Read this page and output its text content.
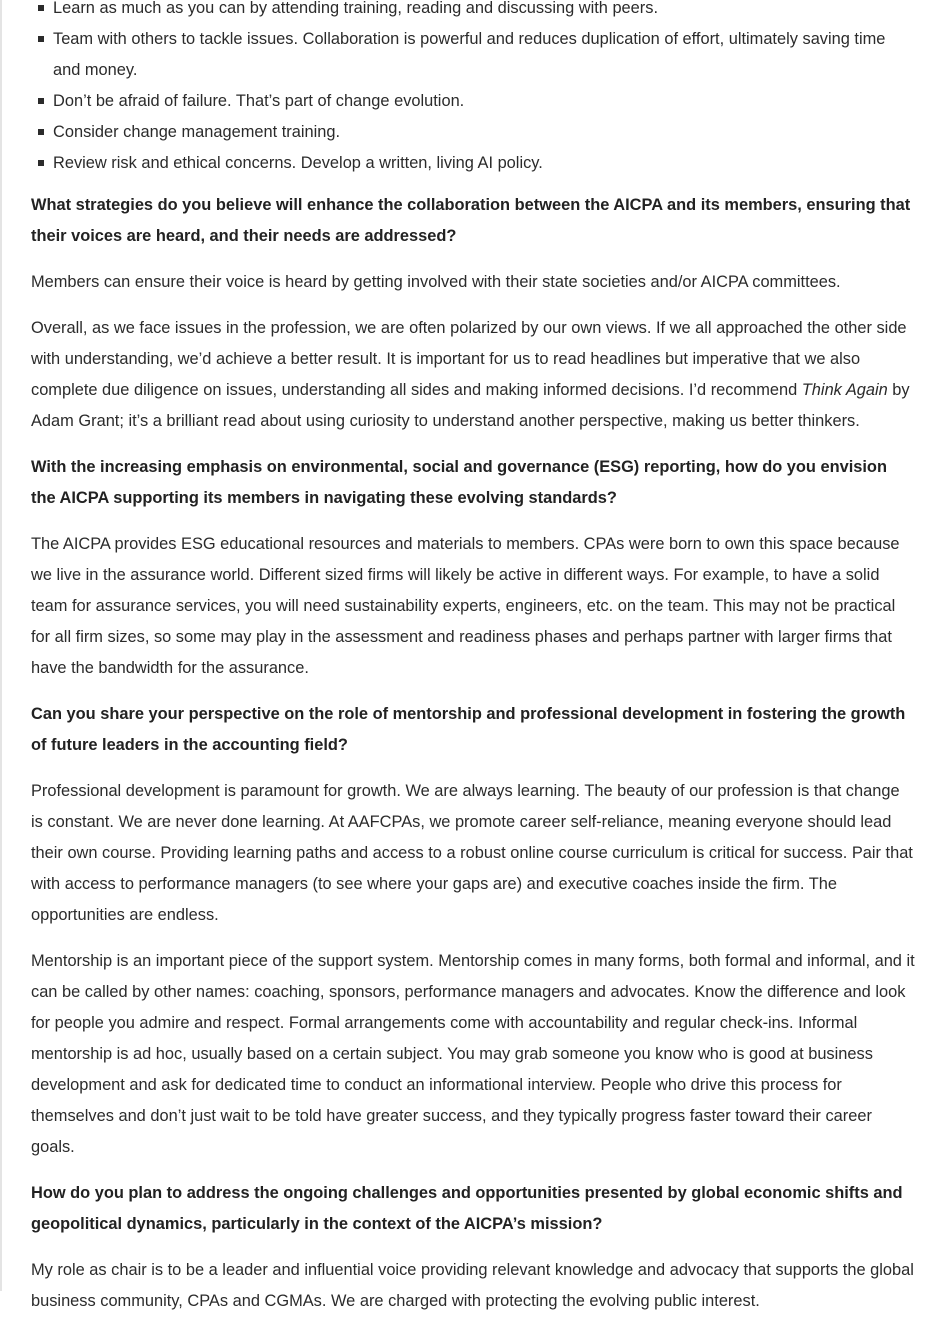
Learn as much as you can by attending training, reading and discussing with peers.
Team with others to tackle issues. Collaboration is powerful and reduces duplication of effort, ultimately saving time and money.
Don’t be afraid of failure. That’s part of change evolution.
Consider change management training.
Review risk and ethical concerns. Develop a written, living AI policy.

What strategies do you believe will enhance the collaboration between the AICPA and its members, ensuring that their voices are heard, and their needs are addressed?

Members can ensure their voice is heard by getting involved with their state societies and/or AICPA committees.

Overall, as we face issues in the profession, we are often polarized by our own views. If we all approached the other side with understanding, we’d achieve a better result. It is important for us to read headlines but imperative that we also complete due diligence on issues, understanding all sides and making informed decisions. I’d recommend Think Again by Adam Grant; it’s a brilliant read about using curiosity to understand another perspective, making us better thinkers.

With the increasing emphasis on environmental, social and governance (ESG) reporting, how do you envision the AICPA supporting its members in navigating these evolving standards?

The AICPA provides ESG educational resources and materials to members. CPAs were born to own this space because we live in the assurance world. Different sized firms will likely be active in different ways. For example, to have a solid team for assurance services, you will need sustainability experts, engineers, etc. on the team. This may not be practical for all firm sizes, so some may play in the assessment and readiness phases and perhaps partner with larger firms that have the bandwidth for the assurance.

Can you share your perspective on the role of mentorship and professional development in fostering the growth of future leaders in the accounting field?

Professional development is paramount for growth. We are always learning. The beauty of our profession is that change is constant. We are never done learning. At AAFCPAs, we promote career self-reliance, meaning everyone should lead their own course. Providing learning paths and access to a robust online course curriculum is critical for success. Pair that with access to performance managers (to see where your gaps are) and executive coaches inside the firm. The opportunities are endless.

Mentorship is an important piece of the support system. Mentorship comes in many forms, both formal and informal, and it can be called by other names: coaching, sponsors, performance managers and advocates. Know the difference and look for people you admire and respect. Formal arrangements come with accountability and regular check-ins. Informal mentorship is ad hoc, usually based on a certain subject. You may grab someone you know who is good at business development and ask for dedicated time to conduct an informational interview. People who drive this process for themselves and don’t just wait to be told have greater success, and they typically progress faster toward their career goals.

How do you plan to address the ongoing challenges and opportunities presented by global economic shifts and geopolitical dynamics, particularly in the context of the AICPA’s mission?

My role as chair is to be a leader and influential voice providing relevant knowledge and advocacy that supports the global business community, CPAs and CGMAs. We are charged with protecting the evolving public interest.
